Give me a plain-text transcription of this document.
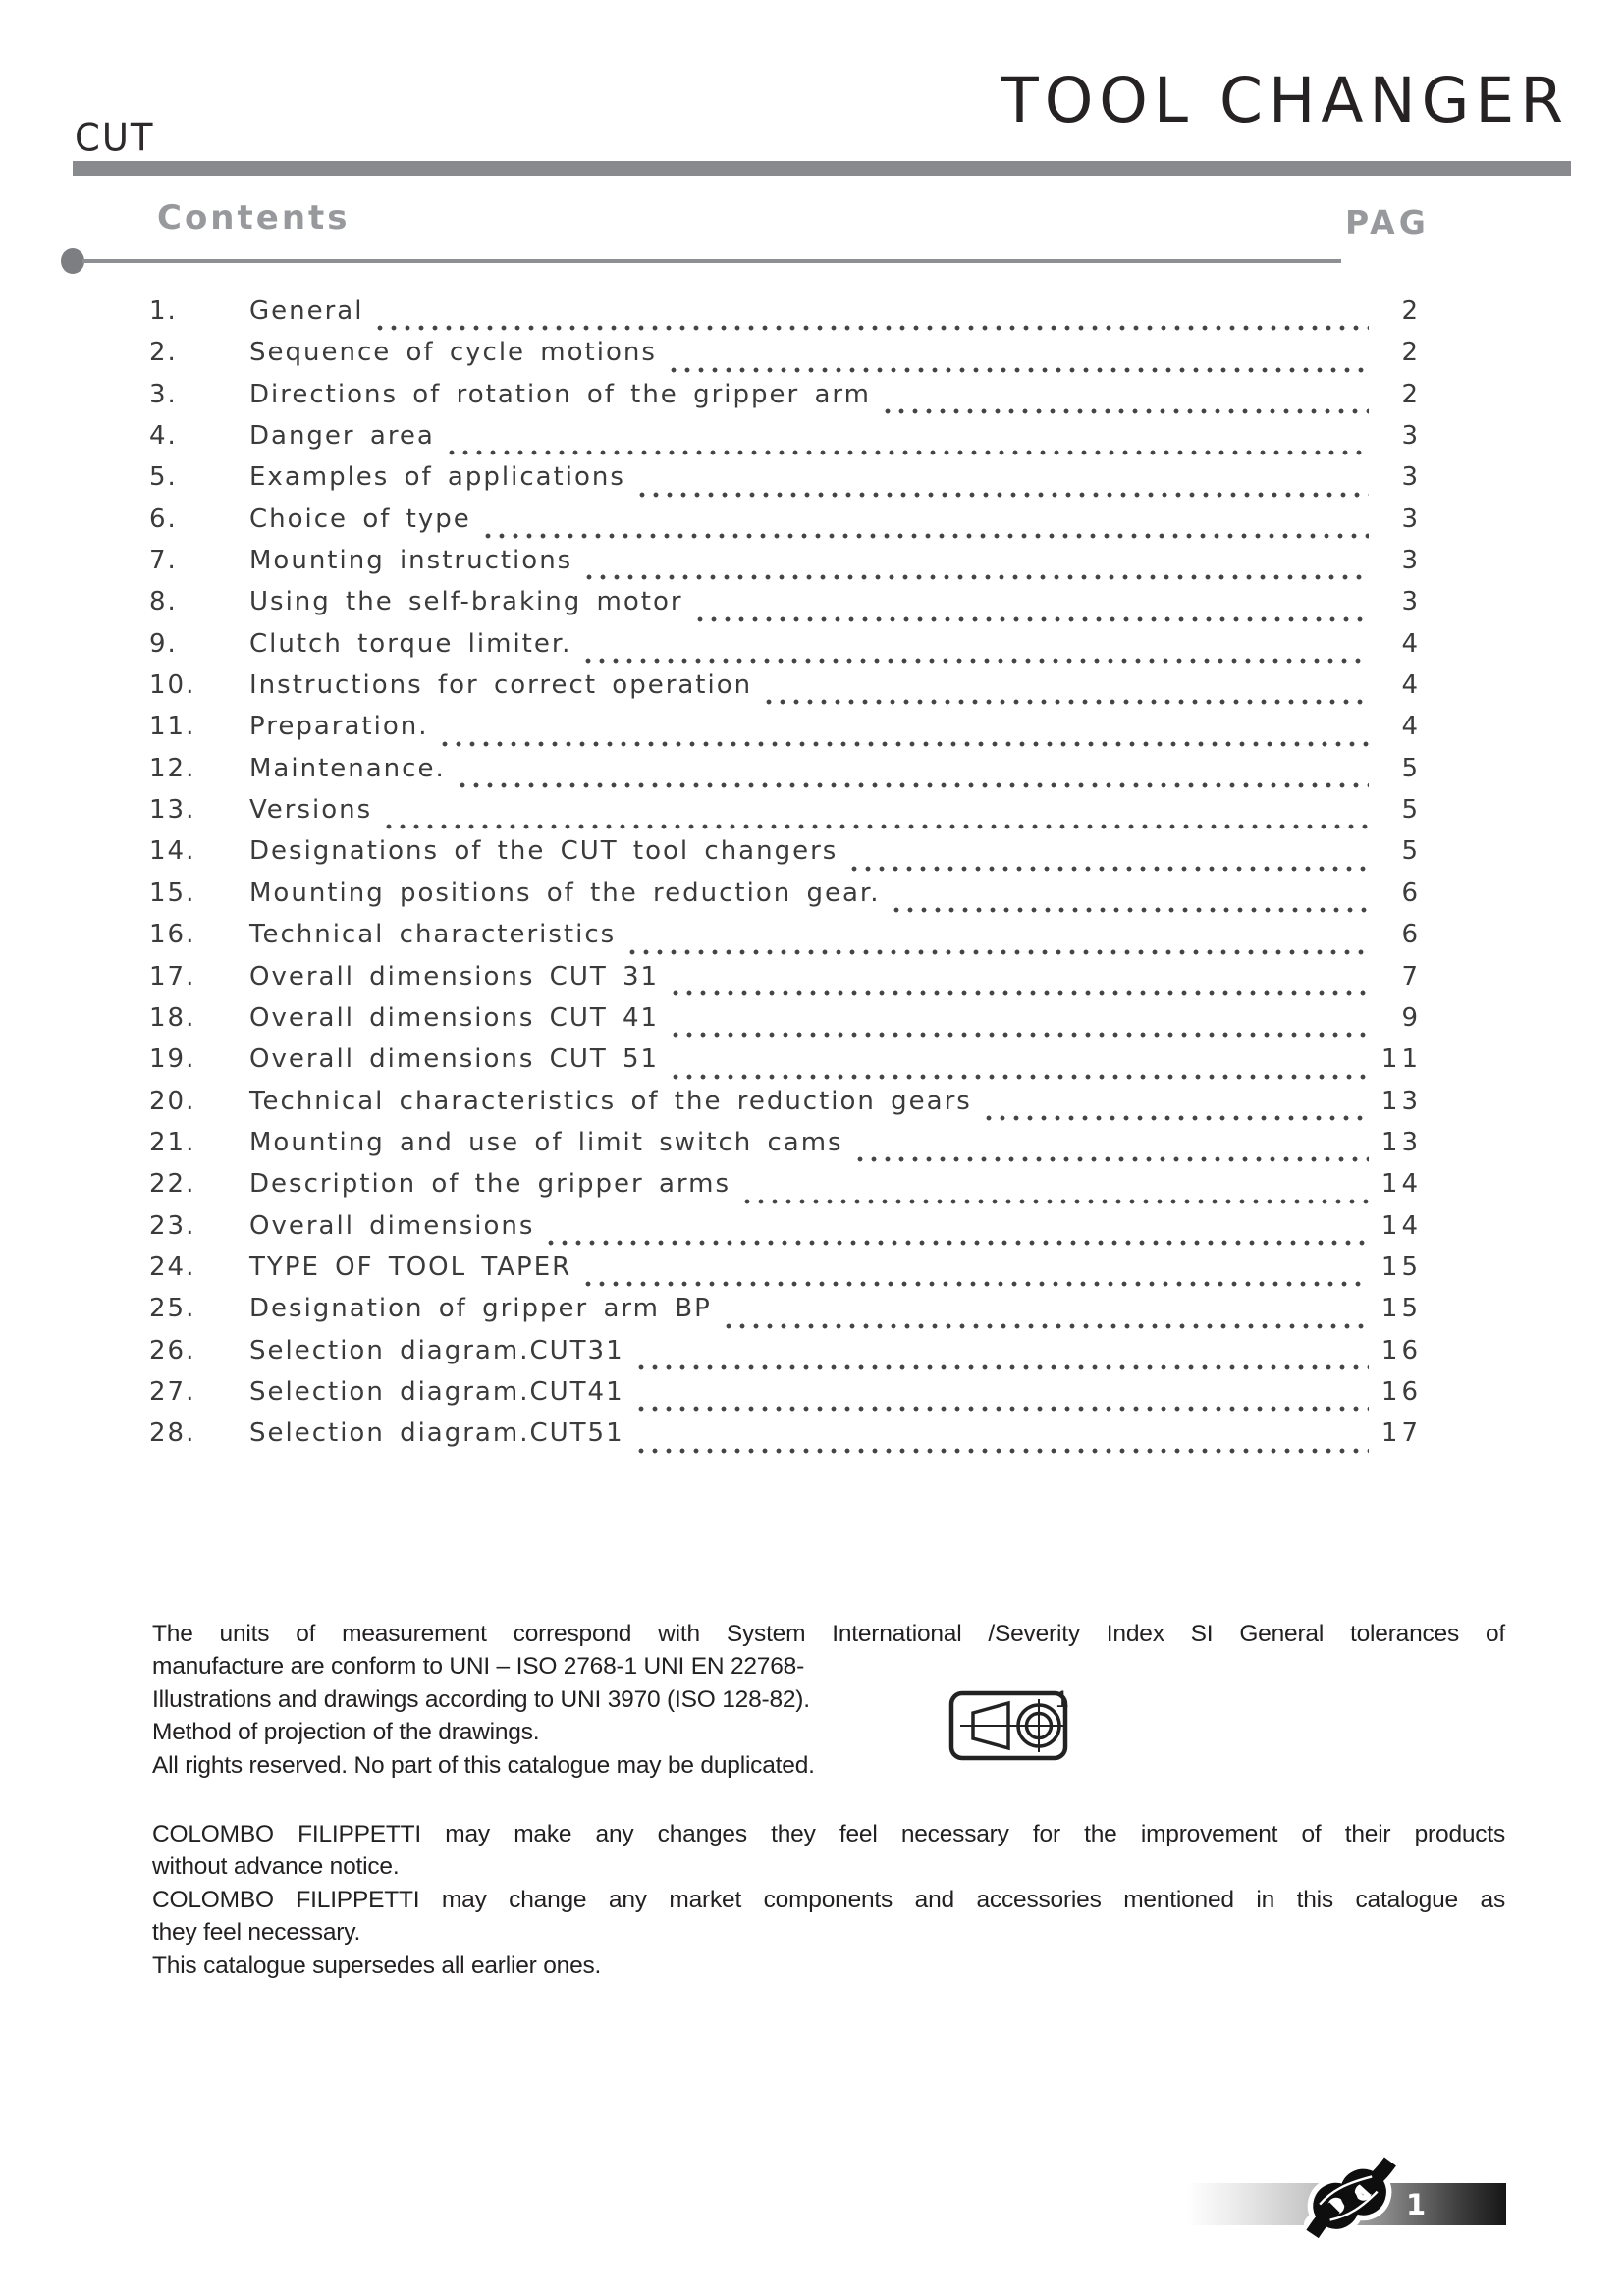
CUT
TOOL CHANGER
Contents	PAG
1.	General	2
2.	Sequence of cycle motions	2
3.	Directions of rotation of the gripper arm	2
4.	Danger area	3
5.	Examples of applications	3
6.	Choice of type	3
7.	Mounting instructions	3
8.	Using the self-braking motor	3
9.	Clutch torque limiter.	4
10.	Instructions for correct operation	4
11.	Preparation.	4
12.	Maintenance.	5
13.	Versions	5
14.	Designations of the CUT tool changers	5
15.	Mounting positions of the reduction gear.	6
16.	Technical characteristics	6
17.	Overall dimensions CUT 31	7
18.	Overall dimensions CUT 41	9
19.	Overall dimensions CUT 51	11
20.	Technical characteristics of the reduction gears	13
21.	Mounting and use of limit switch cams	13
22.	Description of the gripper arms	14
23.	Overall dimensions	14
24.	TYPE OF TOOL TAPER	15
25.	Designation of gripper arm BP	15
26.	Selection diagram.CUT31	16
27.	Selection diagram.CUT41	16
28.	Selection diagram.CUT51	17
The units of measurement correspond with System International /Severity Index SI General tolerances of
manufacture are conform to UNI – ISO 2768-1 UNI EN 22768-
1
Illustrations and drawings according to UNI 3970 (ISO 128-82).
Method of projection of the drawings.
All rights reserved. No part of this catalogue may be duplicated.
COLOMBO FILIPPETTI may make any changes they feel necessary for the improvement of their products
without advance notice.
COLOMBO FILIPPETTI may change any market components and accessories mentioned in this catalogue as
they feel necessary.
This catalogue supersedes all earlier ones.
1
